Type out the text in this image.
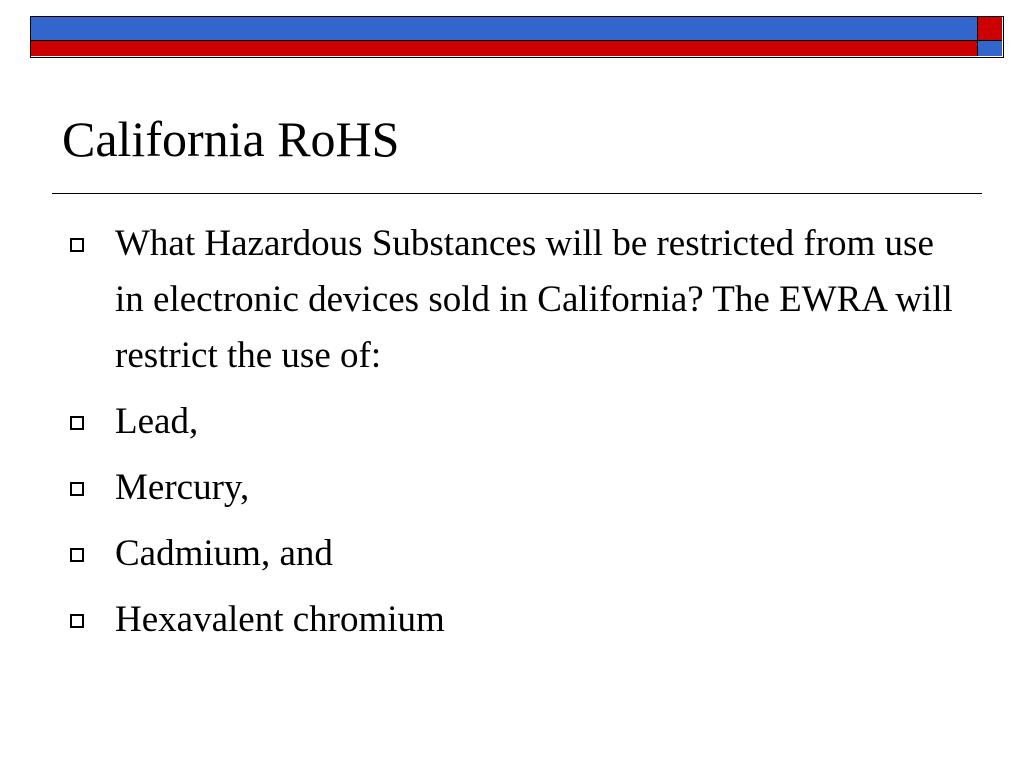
California RoHS
What Hazardous Substances will be restricted from use in electronic devices sold in California? The EWRA will restrict the use of:
Lead,
Mercury,
Cadmium, and
Hexavalent chromium
